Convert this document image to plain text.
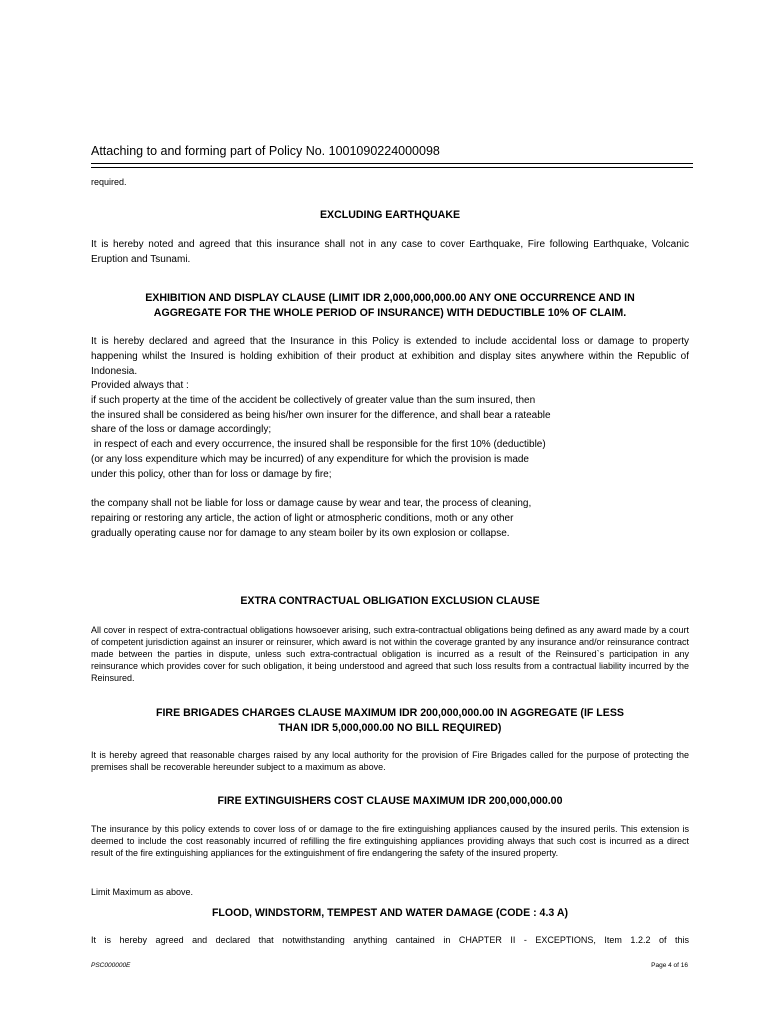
Attaching to and forming part of Policy No. 1001090224000098
required.
EXCLUDING EARTHQUAKE
It is hereby noted and agreed that this insurance shall not in any case to cover Earthquake, Fire following Earthquake, Volcanic Eruption and Tsunami.
EXHIBITION AND DISPLAY CLAUSE (LIMIT IDR 2,000,000,000.00 ANY ONE OCCURRENCE AND IN
AGGREGATE FOR THE WHOLE PERIOD OF INSURANCE) WITH DEDUCTIBLE 10% OF CLAIM.
It is hereby declared and agreed that the Insurance in this Policy is extended to include accidental loss or damage to property happening whilst the Insured is holding exhibition of their product at exhibition and display sites anywhere within the Republic of Indonesia.
Provided always that :
if such property at the time of the accident be collectively of greater value than the sum insured, then
the insured shall be considered as being his/her own insurer for the difference, and shall bear a rateable
share of the loss or damage accordingly;
in respect of each and every occurrence, the insured shall be responsible for the first 10% (deductible)
(or any loss expenditure which may be incurred) of any expenditure for which the provision is made
under this policy, other than for loss or damage by fire;
the company shall not be liable for loss or damage cause by wear and tear, the process of cleaning,
repairing or restoring any article, the action of light or atmospheric conditions, moth or any other
gradually operating cause nor for damage to any steam boiler by its own explosion or collapse.
EXTRA CONTRACTUAL OBLIGATION EXCLUSION CLAUSE
All cover in respect of extra-contractual obligations howsoever arising, such extra-contractual obligations being defined as any award made by a court of competent jurisdiction against an insurer or reinsurer, which award is not within the coverage granted by any insurance and/or reinsurance contract made between the parties in dispute, unless such extra-contractual obligation is incurred as a result of the Reinsured`s participation in any reinsurance which provides cover for such obligation, it being understood and agreed that such loss results from a contractual liability incurred by the Reinsured.
FIRE BRIGADES CHARGES CLAUSE MAXIMUM IDR 200,000,000.00 IN AGGREGATE (IF LESS
THAN IDR 5,000,000.00 NO BILL REQUIRED)
It is hereby agreed that reasonable charges raised by any local authority for the provision of Fire Brigades called for the purpose of protecting the premises shall be recoverable hereunder subject to a maximum as above.
FIRE EXTINGUISHERS COST CLAUSE MAXIMUM IDR 200,000,000.00
The insurance by this policy extends to cover loss of or damage to the fire extinguishing appliances caused by the insured perils. This extension is deemed to include the cost reasonably incurred of refilling the fire extinguishing appliances providing always that such cost is incurred as a direct result of the fire extinguishing appliances for the extinguishment of fire endangering the safety of the insured property.
Limit Maximum as above.
FLOOD, WINDSTORM, TEMPEST AND WATER DAMAGE (CODE : 4.3 A)
It is hereby agreed and declared that notwithstanding anything cantained in CHAPTER II - EXCEPTIONS, Item 1.2.2 of this
PSC000000E	Page 4 of 16
